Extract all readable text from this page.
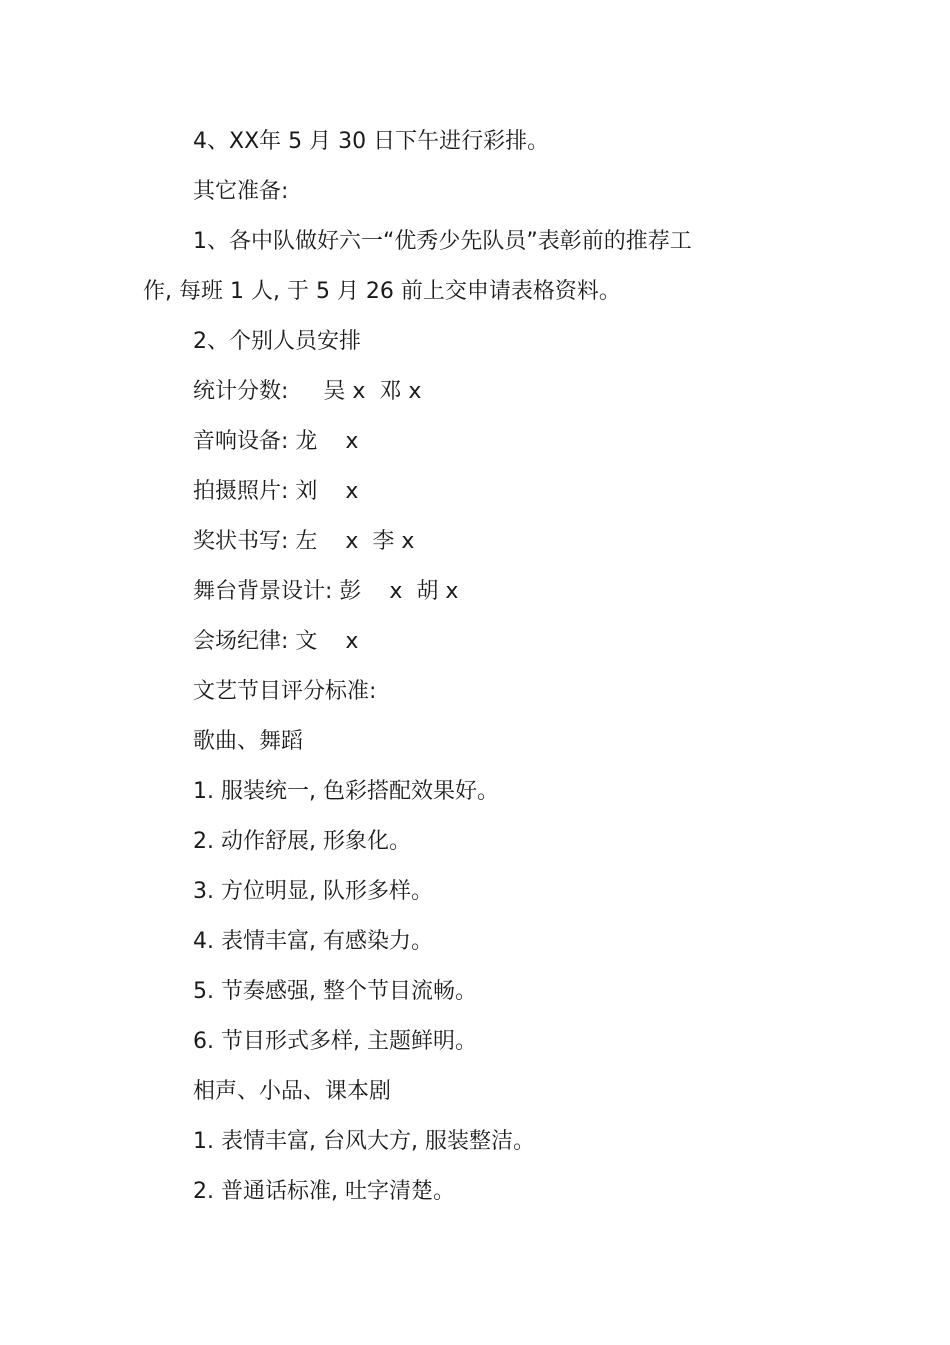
4、XX年 5 月 30 日下午进行彩排。
其它准备:
1、各中队做好六一“优秀少先队员”表彰前的推荐工
作, 每班 1 人, 于 5 月 26 前上交申请表格资料。
2、个别人员安排
统计分数:     吴 x  邓 x
音响设备: 龙    x
拍摄照片: 刘    x
奖状书写: 左    x  李 x
舞台背景设计: 彭    x  胡 x
会场纪律: 文    x
文艺节目评分标准:
歌曲、舞蹈
1. 服装统一, 色彩搭配效果好。
2. 动作舒展, 形象化。
3. 方位明显, 队形多样。
4. 表情丰富, 有感染力。
5. 节奏感强, 整个节目流畅。
6. 节目形式多样, 主题鲜明。
相声、小品、课本剧
1. 表情丰富, 台风大方, 服装整洁。
2. 普通话标准, 吐字清楚。
